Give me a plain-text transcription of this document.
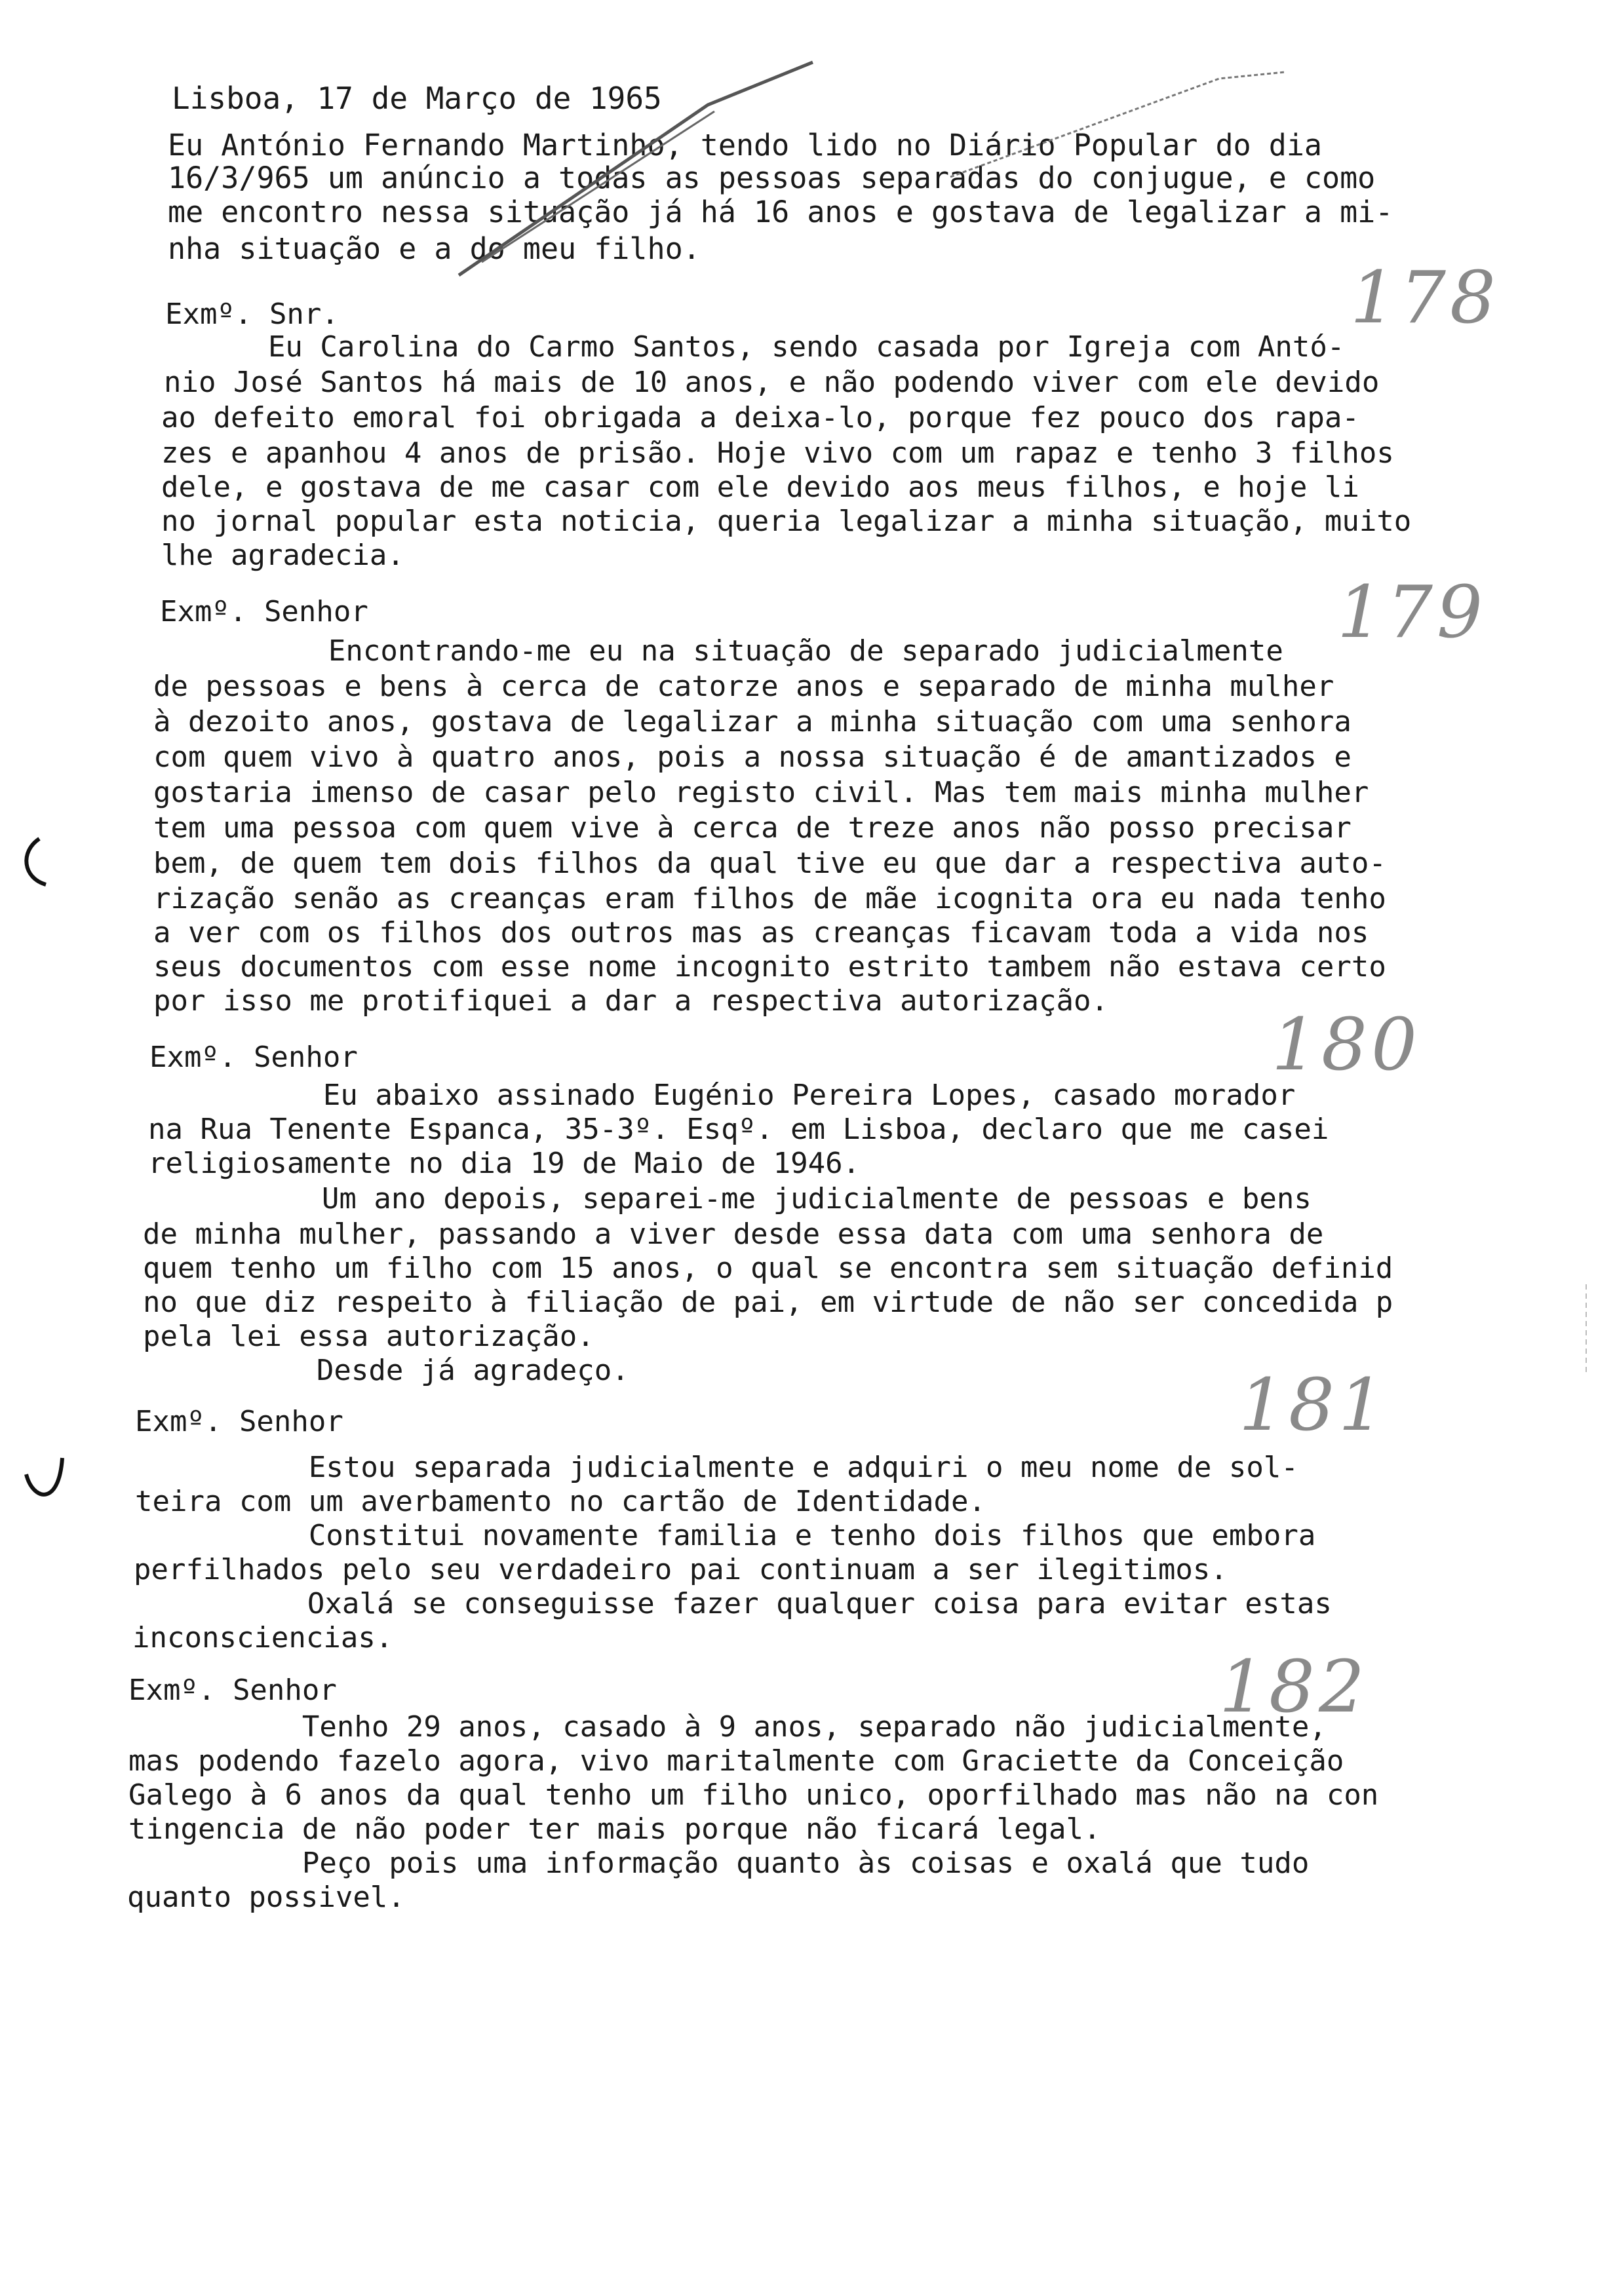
Lisboa, 17 de Março de 1965
Eu António Fernando Martinho, tendo lido no Diário Popular do dia
16/3/965 um anúncio a todas as pessoas separadas do conjugue, e como
me encontro nessa situação já há 16 anos e gostava de legalizar a mi-
nha situação e a do meu filho.
178
Exmº. Snr.
Eu Carolina do Carmo Santos, sendo casada por Igreja com Antó-
nio José Santos há mais de 10 anos, e não podendo viver com ele devido
ao defeito emoral foi obrigada a deixa-lo, porque fez pouco dos rapa-
zes e apanhou 4 anos de prisão. Hoje vivo com um rapaz e tenho 3 filhos
dele, e gostava de me casar com ele devido aos meus filhos, e hoje li
no jornal popular esta noticia, queria legalizar a minha situação, muito
lhe agradecia.
179
Exmº. Senhor
Encontrando-me eu na situação de separado judicialmente
de pessoas e bens à cerca de catorze anos e separado de minha mulher
à dezoito anos, gostava de legalizar a minha situação com uma senhora
com quem vivo à quatro anos, pois a nossa situação é de amantizados e
gostaria imenso de casar pelo registo civil. Mas tem mais minha mulher
tem uma pessoa com quem vive à cerca de treze anos não posso precisar
bem, de quem tem dois filhos da qual tive eu que dar a respectiva auto-
rização senão as creanças eram filhos de mãe icognita ora eu nada tenho
a ver com os filhos dos outros mas as creanças ficavam toda a vida nos
seus documentos com esse nome incognito estrito tambem não estava certo
por isso me protifiquei a dar a respectiva autorização.
180
Exmº. Senhor
Eu abaixo assinado Eugénio Pereira Lopes, casado morador
na Rua Tenente Espanca, 35-3º. Esqº. em Lisboa, declaro que me casei
religiosamente no dia 19 de Maio de 1946.
Um ano depois, separei-me judicialmente de pessoas e bens
de minha mulher, passando a viver desde essa data com uma senhora de
quem tenho um filho com 15 anos, o qual se encontra sem situação definid
no que diz respeito à filiação de pai, em virtude de não ser concedida p
pela lei essa autorização.
Desde já agradeço.	181
Exmº. Senhor
Estou separada judicialmente e adquiri o meu nome de sol-
teira com um averbamento no cartão de Identidade.
Constitui novamente familia e tenho dois filhos que embora
perfilhados pelo seu verdadeiro pai continuam a ser ilegitimos.
Oxalá se conseguisse fazer qualquer coisa para evitar estas
inconsciencias.
182
Exmº. Senhor
Tenho 29 anos, casado à 9 anos, separado não judicialmente,
mas podendo fazelo agora, vivo maritalmente com Graciette da Conceição
Galego à 6 anos da qual tenho um filho unico, oporfilhado mas não na con
tingencia de não poder ter mais porque não ficará legal.
Peço pois uma informação quanto às coisas e oxalá que tudo
quanto possivel.
